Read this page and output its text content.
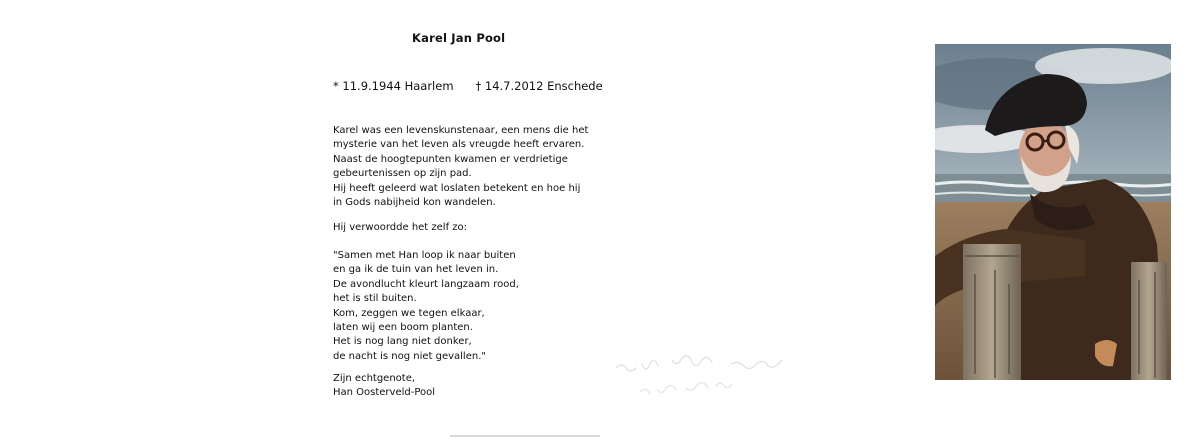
Karel Jan Pool
* 11.9.1944 Haarlem † 14.7.2012 Enschede
Karel was een levenskunstenaar, een mens die het
mysterie van het leven als vreugde heeft ervaren.
Naast de hoogtepunten kwamen er verdrietige
gebeurtenissen op zijn pad.
Hij heeft geleerd wat loslaten betekent en hoe hij
in Gods nabijheid kon wandelen.
Hij verwoordde het zelf zo:
"Samen met Han loop ik naar buiten
en ga ik de tuin van het leven in.
De avondlucht kleurt langzaam rood,
het is stil buiten.
Kom, zeggen we tegen elkaar,
laten wij een boom planten.
Het is nog lang niet donker,
de nacht is nog niet gevallen."
Zijn echtgenote,
Han Oosterveld-Pool
